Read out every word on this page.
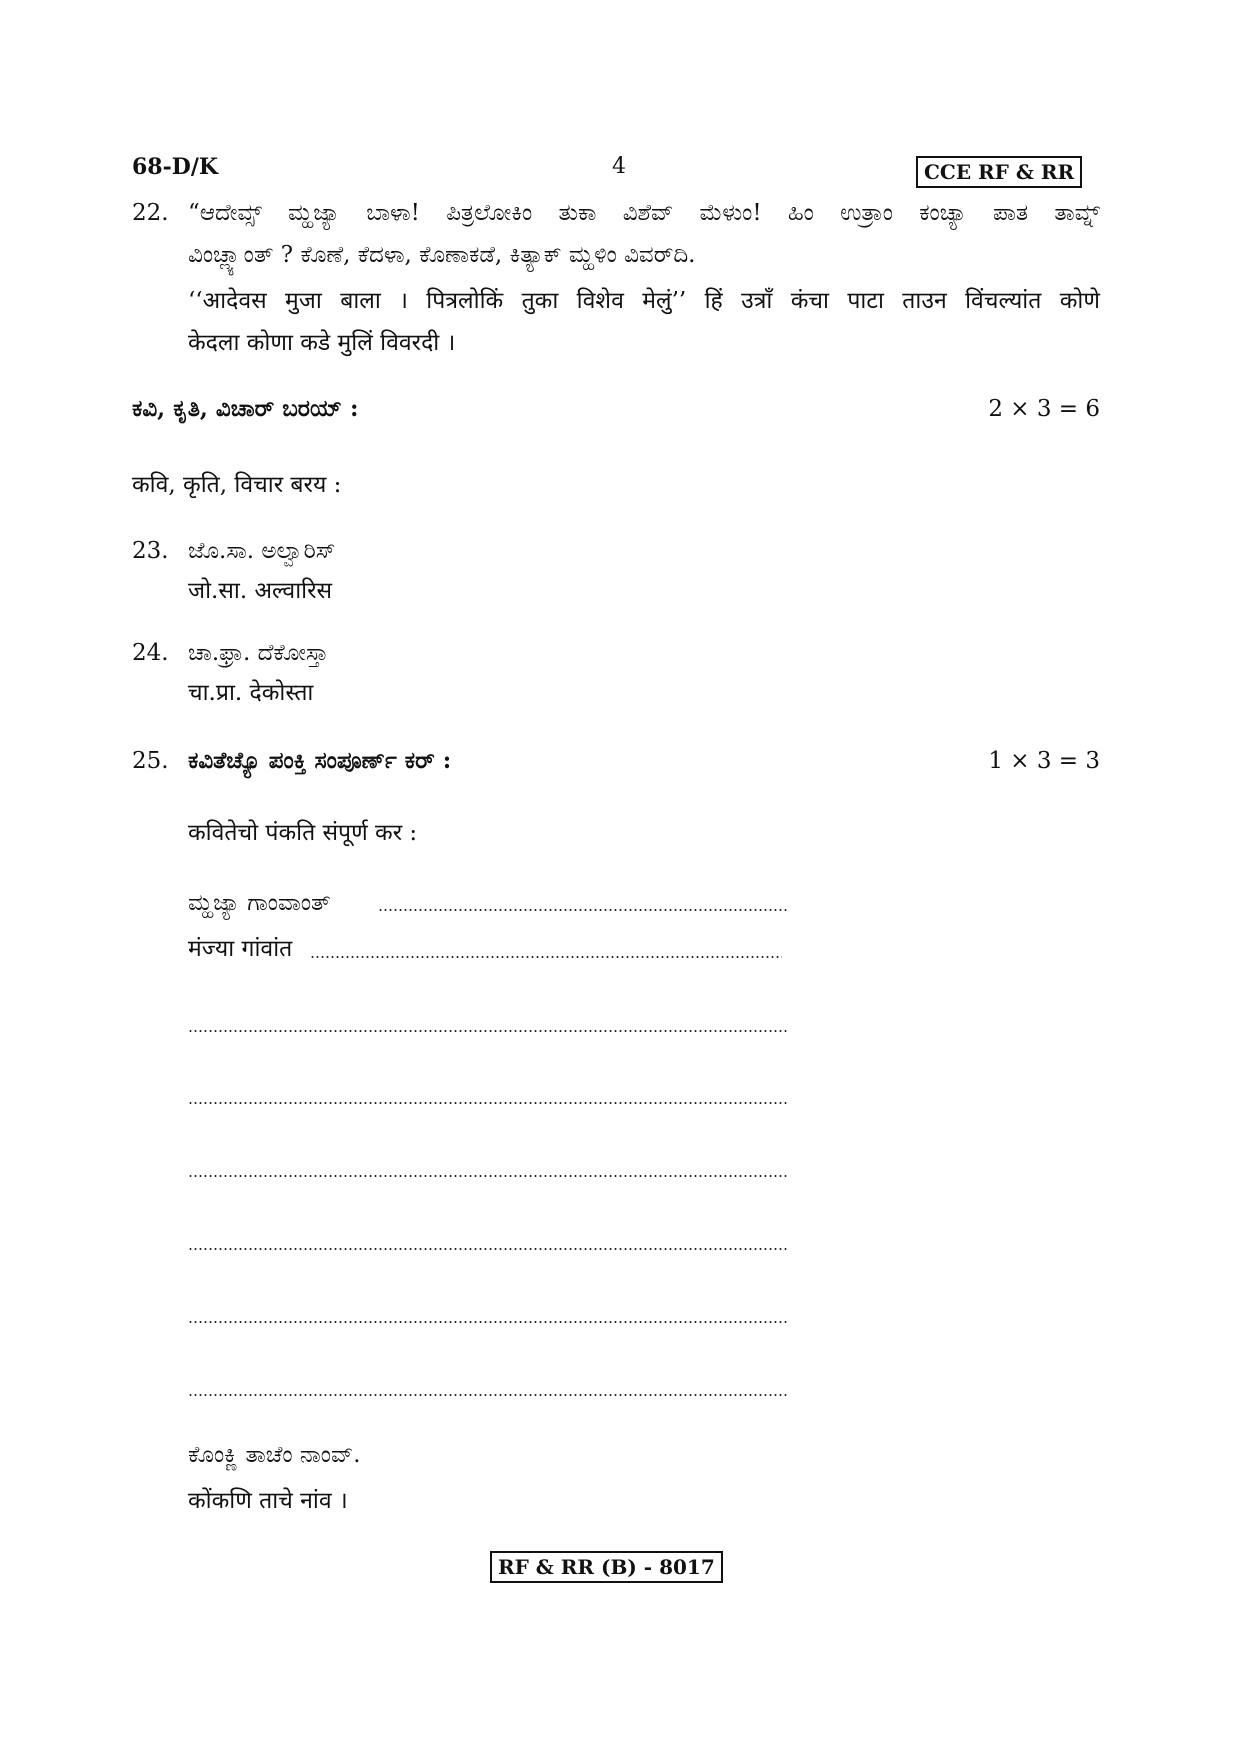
68-D/K	4	CCE RF & RR
22. “ಆದೇವ್ಸ್ ಮ್ಹಜ್ಯಾ ಬಾಳಾ! ಪಿತ್ರಲೋಕಿಂ ತುಕಾ ವಿಶೆವ್ ಮೆಳುಂ! ಹಿಂ ಉತ್ರಾಂ ಕಂಚ್ಯಾ ಪಾತ ತಾವ್ನ್
ವಿಂಚ್ಲ್ಯಾಂತ್ ? ಕೊಣೆ, ಕೆದಳಾ, ಕೊಣಾಕಡೆ, ಕಿತ್ಯಾಕ್ ಮ್ಹಳಿಂ ವಿವರ್‌ದಿ.
‘‘आदेवस मुजा बाला । पित्रलोकिं तुका विशेव मेलुं’’ हिं उत्राँ कंचा पाटा ताउन विंचल्यांत कोणे
केदला कोणा कडे मुलिं विवरदी ।
ಕವಿ, ಕೃತಿ, ವಿಚಾರ್ ಬರಯ್ :	2 × 3 = 6
कवि, कृति, विचार बरय :
23. ಜೊ.ಸಾ. ಅಲ್ವಾರಿಸ್
जो.सा. अल्वारिस
24. ಚಾ.ಫ್ರಾ. ದೆಕೋಸ್ತಾ
चा.प्रा. देकोस्ता
25. ಕವಿತೆಚ್ಯೊ ಪಂಕ್ತಿ ಸಂಪೂರ್ಣ್ ಕರ್ :	1 × 3 = 3
कवितेचो पंकति संपूर्ण कर :
ಮ್ಹಜ್ಯಾ ಗಾಂವಾಂತ್
मंज्या गांवांत
ಕೊಂಕ್ಣಿ ತಾಚೆಂ ನಾಂವ್.
कोंकणि ताचे नांव ।
RF & RR (B) - 8017
